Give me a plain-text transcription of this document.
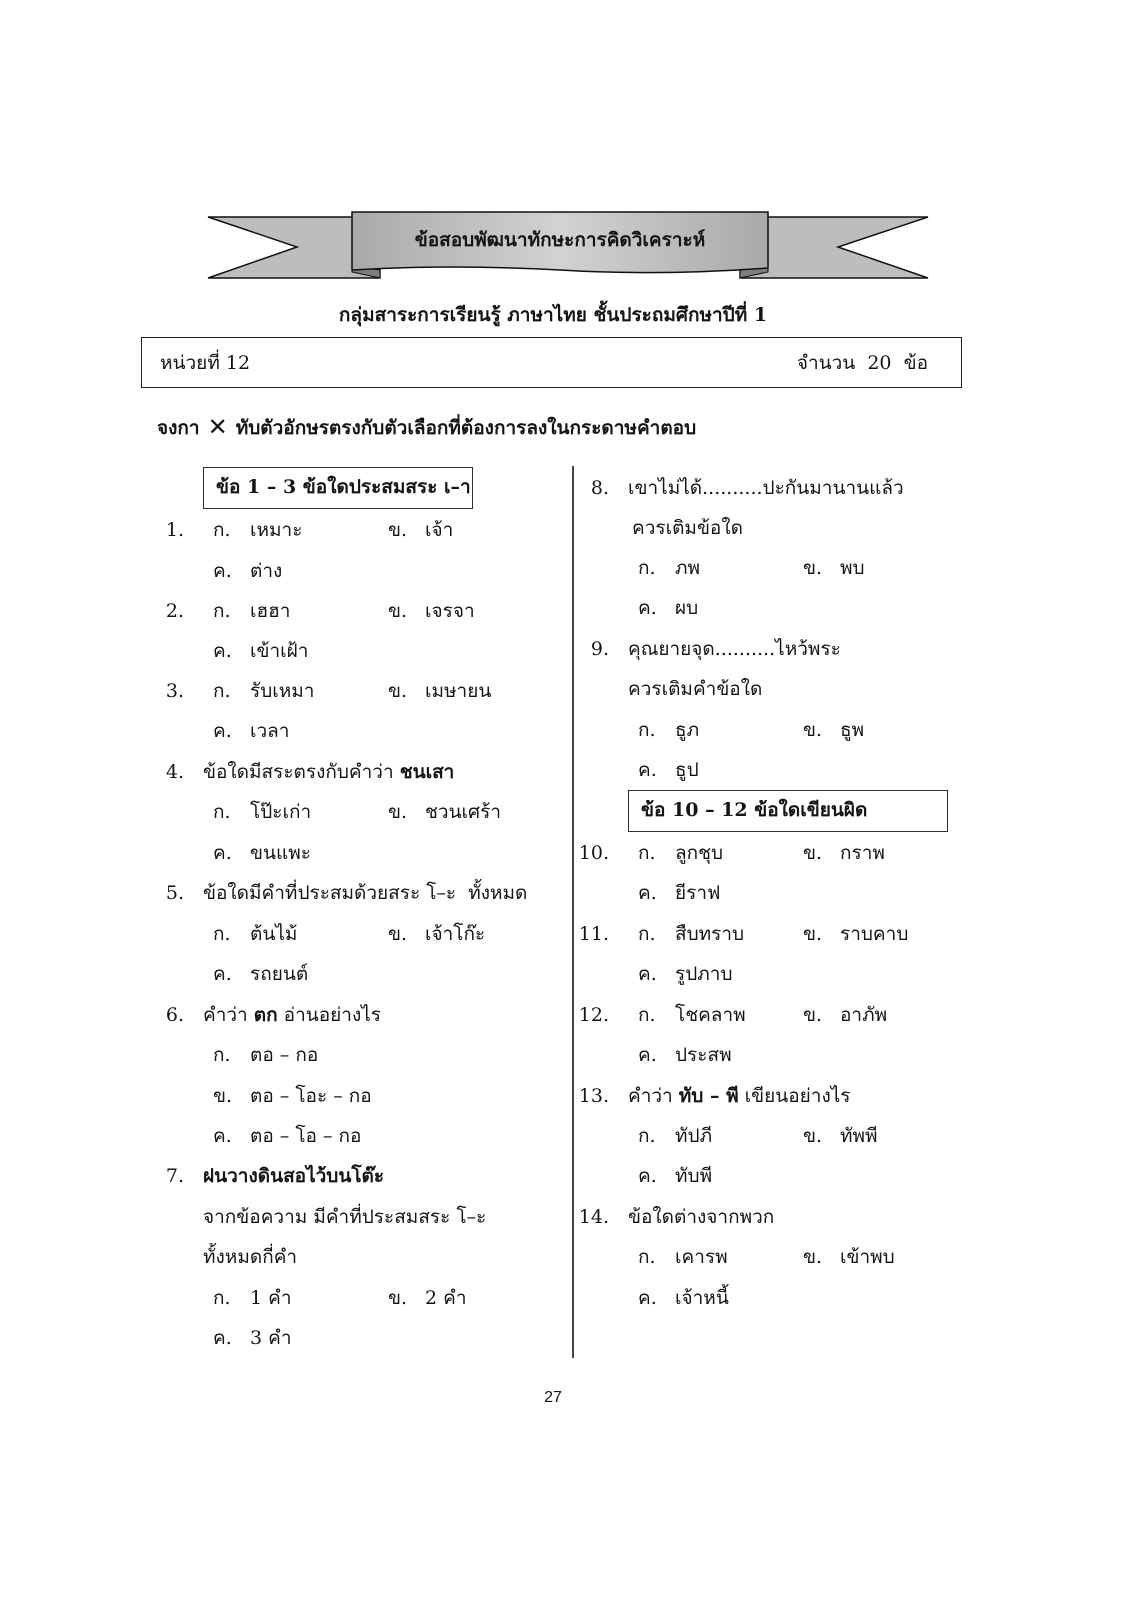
ข้อสอบพัฒนาทักษะการคิดวิเคราะห์
กลุ่มสาระการเรียนรู้ ภาษาไทย ชั้นประถมศึกษาปีที่ 1
หน่วยที่ 12	จำนวน  20  ข้อ
จงกา ✕ ทับตัวอักษรตรงกับตัวเลือกที่ต้องการลงในกระดาษคำตอบ
ข้อ 1 – 3 ข้อใดประสมสระ เ–า
ข้อ 10 – 12 ข้อใดเขียนผิด
1. ก. เหมาะ	ข. เจ้า
ค. ต่าง
2. ก. เฮฮา	ข. เจรจา
ค. เข้าเฝ้า
3. ก. รับเหมา	ข. เมษายน
ค. เวลา
4. ข้อใดมีสระตรงกับคำว่า ชนเสา
ก. โป๊ะเก่า	ข. ชวนเศร้า
ค. ขนแพะ
5. ข้อใดมีคำที่ประสมด้วยสระ โ–ะ  ทั้งหมด
ก. ต้นไม้	ข. เจ้าโก๊ะ
ค. รถยนต์
6. คำว่า ตก อ่านอย่างไร
ก. ตอ – กอ
ข. ตอ – โอะ – กอ
ค. ตอ – โอ – กอ
7. ฝนวางดินสอไว้บนโต๊ะ
จากข้อความ มีคำที่ประสมสระ โ–ะ
ทั้งหมดกี่คำ
ก. 1 คำ	ข. 2 คำ
ค. 3 คำ
8. เขาไม่ได้..........ปะกันมานานแล้ว
ควรเติมข้อใด
ก. ภพ	ข. พบ
ค. ผบ
9. คุณยายจุด..........ไหว้พระ
ควรเติมคำข้อใด
ก. ธูภ	ข. ธูพ
ค. ธูป
10. ก. ลูกชุบ	ข. กราพ
ค. ยีราฟ
11. ก. สืบทราบ	ข. ราบคาบ
ค. รูปภาบ
12. ก. โชคลาพ	ข. อาภัพ
ค. ประสพ
13. คำว่า ทับ – พี เขียนอย่างไร
ก. ทัปภี	ข. ทัพพี
ค. ทับพี
14. ข้อใดต่างจากพวก
ก. เคารพ	ข. เข้าพบ
ค. เจ้าหนี้
27
